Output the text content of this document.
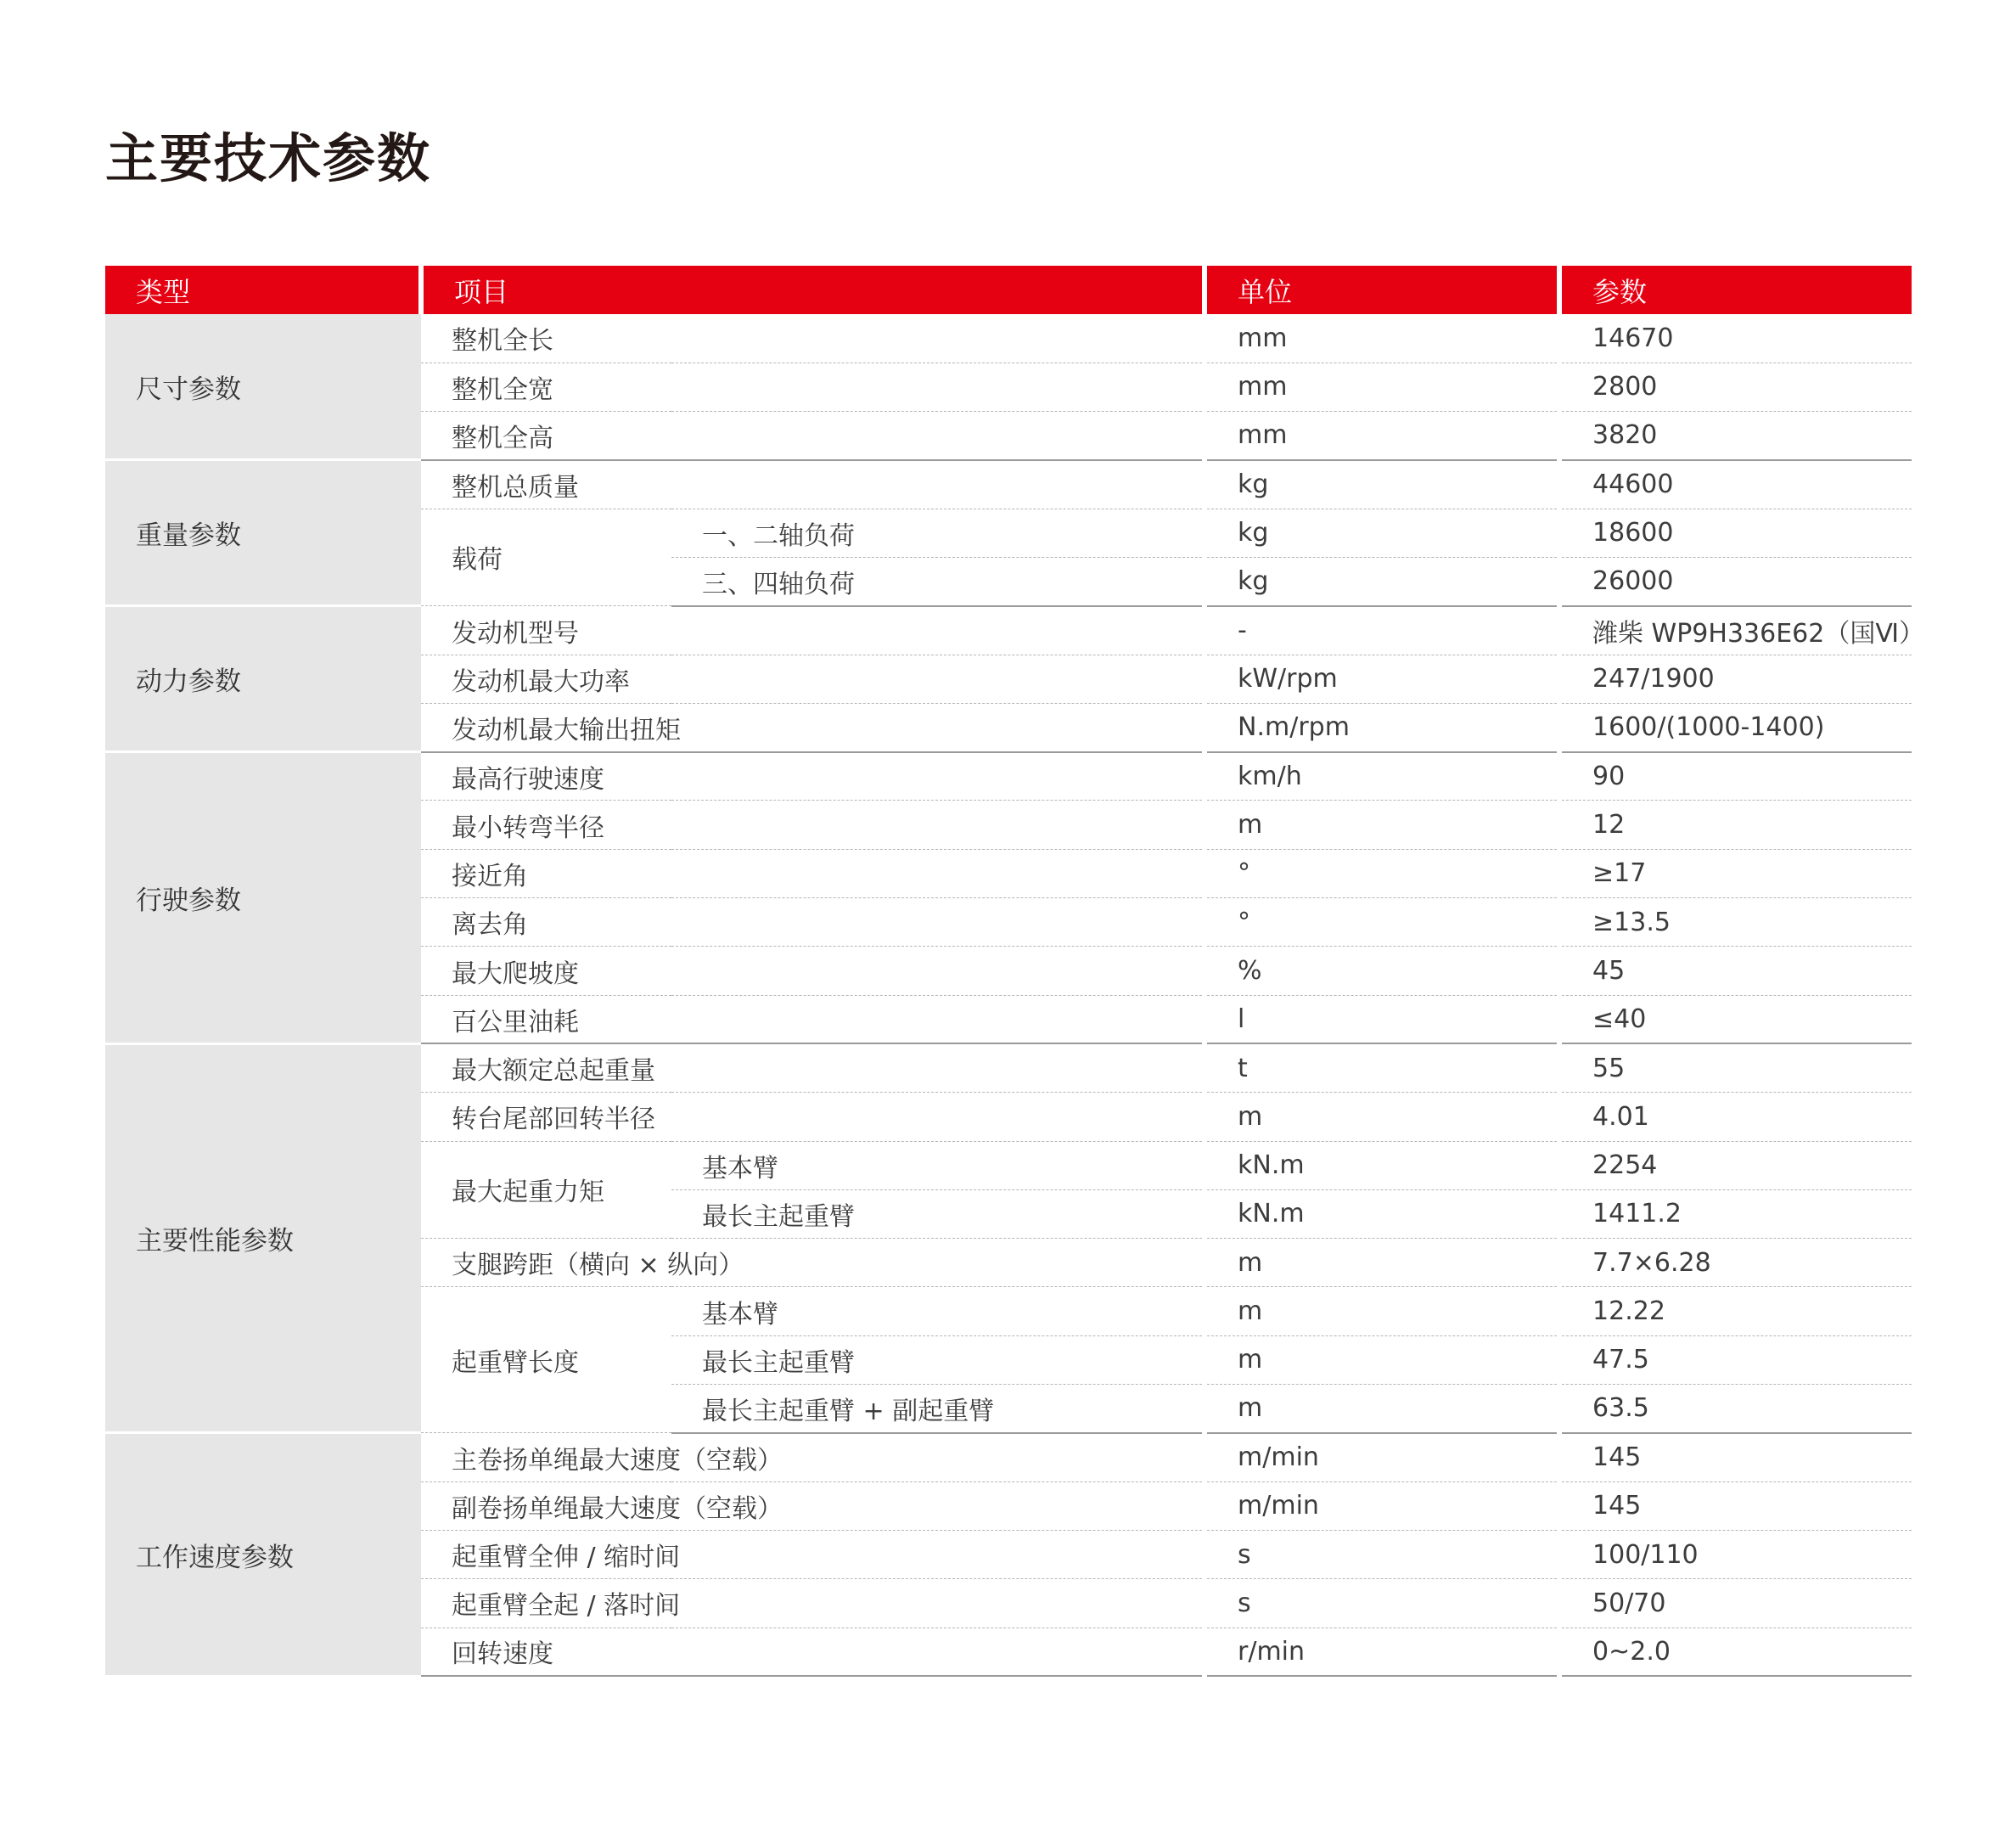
主要技术参数
类型	项目		单位	参数
尺寸参数	整机全长		mm	14670
	整机全宽		mm	2800
	整机全高		mm	3820
重量参数	整机总质量		kg	44600
	载荷	一、二轴负荷	kg	18600
		三、四轴负荷	kg	26000
动力参数	发动机型号		-	潍柴 WP9H336E62（国Ⅵ）
	发动机最大功率		kW/rpm	247/1900
	发动机最大输出扭矩		N.m/rpm	1600/(1000-1400)
行驶参数	最高行驶速度		km/h	90
	最小转弯半径		m	12
	接近角		°	≥17
	离去角		°	≥13.5
	最大爬坡度		%	45
	百公里油耗		l	≤40
主要性能参数	最大额定总起重量		t	55
	转台尾部回转半径		m	4.01
	最大起重力矩	基本臂	kN.m	2254
		最长主起重臂	kN.m	1411.2
	支腿跨距（横向 × 纵向）		m	7.7×6.28
	起重臂长度	基本臂	m	12.22
		最长主起重臂	m	47.5
		最长主起重臂 + 副起重臂	m	63.5
工作速度参数	主卷扬单绳最大速度（空载）		m/min	145
	副卷扬单绳最大速度（空载）		m/min	145
	起重臂全伸 / 缩时间		s	100/110
	起重臂全起 / 落时间		s	50/70
	回转速度		r/min	0~2.0
